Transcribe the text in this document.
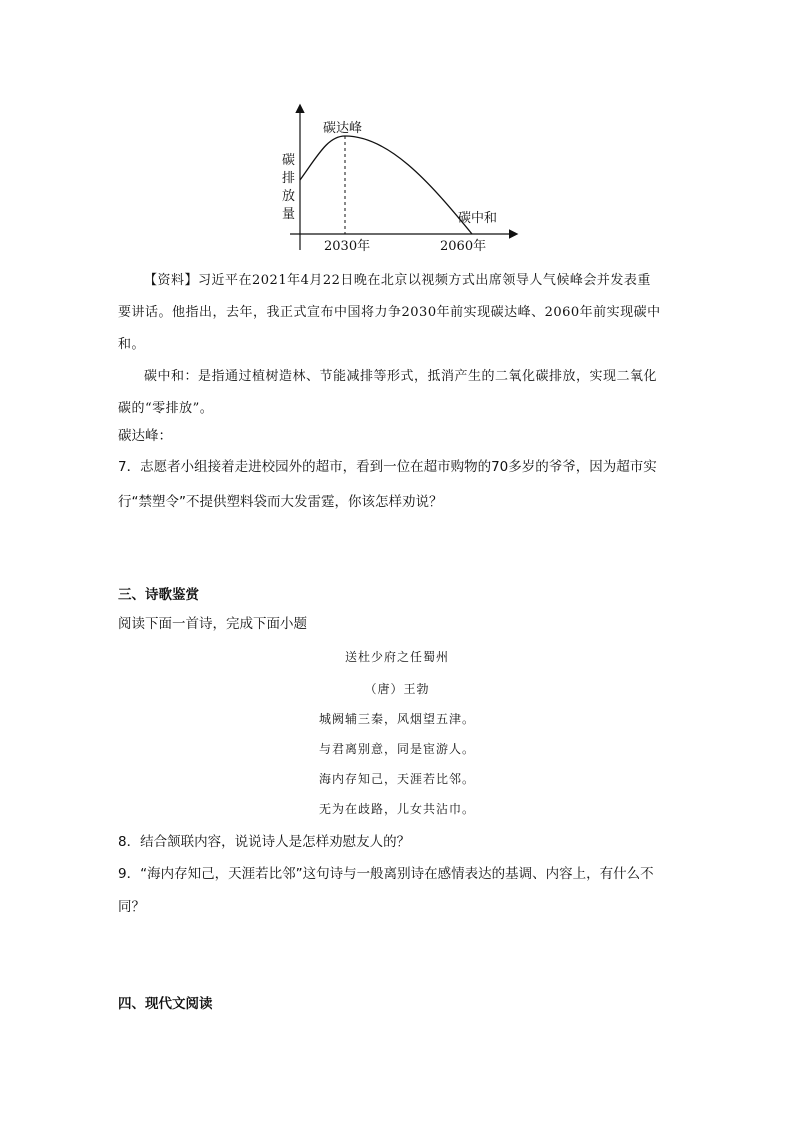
碳
排
放
量
碳达峰
碳中和
2030年	2060年
【资料】习近平在2021年4月22日晚在北京以视频方式出席领导人气候峰会并发表重
要讲话。他指出，去年，我正式宣布中国将力争2030年前实现碳达峰、2060年前实现碳中
和。
碳中和：是指通过植树造林、节能减排等形式，抵消产生的二氧化碳排放，实现二氧化
碳的“零排放”。
碳达峰：
7．志愿者小组接着走进校园外的超市，看到一位在超市购物的70多岁的爷爷，因为超市实
行“禁塑令”不提供塑料袋而大发雷霆，你该怎样劝说？
三、诗歌鉴赏
阅读下面一首诗，完成下面小题
送杜少府之任蜀州
（唐）王勃
城阙辅三秦，风烟望五津。
与君离别意，同是宦游人。
海内存知己，天涯若比邻。
无为在歧路，儿女共沾巾。
8．结合颔联内容，说说诗人是怎样劝慰友人的？
9．“海内存知己，天涯若比邻”这句诗与一般离别诗在感情表达的基调、内容上，有什么不
同？
四、现代文阅读
